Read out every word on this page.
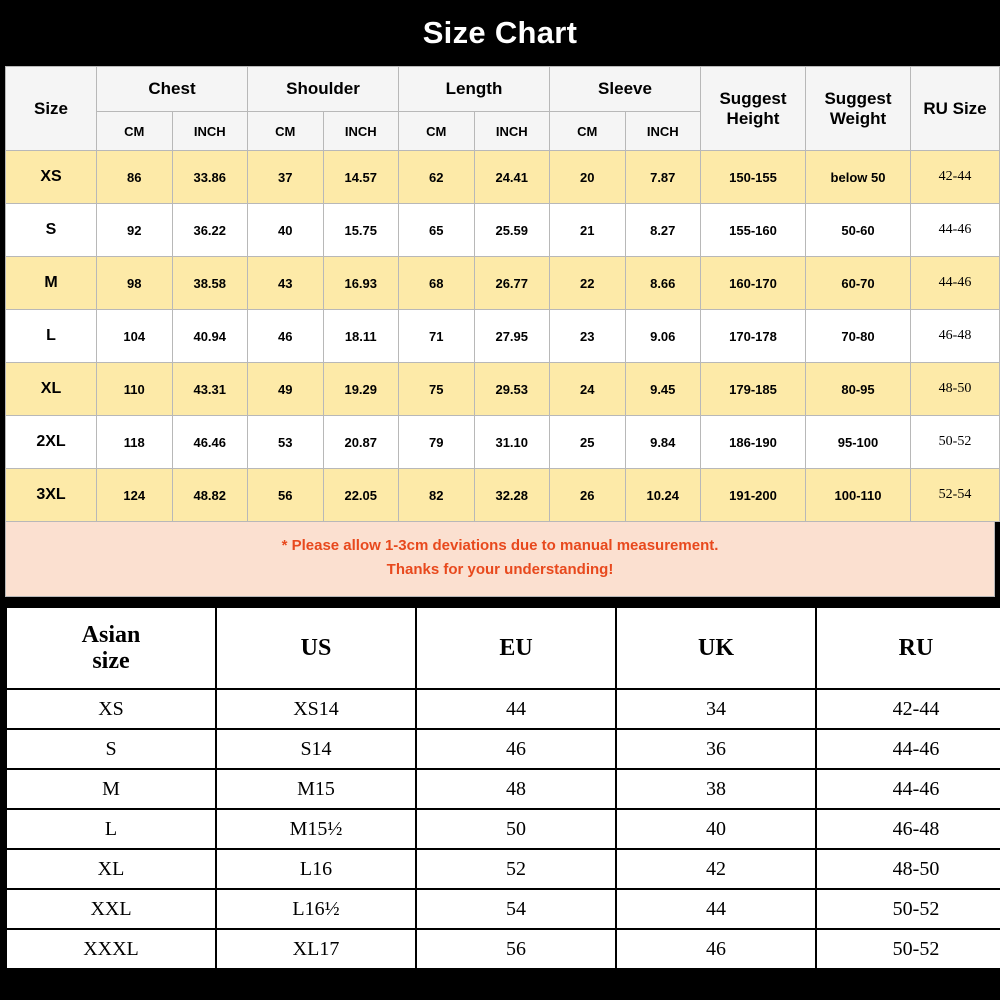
Size Chart
Size	Chest		Shoulder		Length		Sleeve		Suggest Height	Suggest Weight	RU Size
	CM	INCH	CM	INCH	CM	INCH	CM	INCH			
XS	86	33.86	37	14.57	62	24.41	20	7.87	150-155	below 50	42-44
S	92	36.22	40	15.75	65	25.59	21	8.27	155-160	50-60	44-46
M	98	38.58	43	16.93	68	26.77	22	8.66	160-170	60-70	44-46
L	104	40.94	46	18.11	71	27.95	23	9.06	170-178	70-80	46-48
XL	110	43.31	49	19.29	75	29.53	24	9.45	179-185	80-95	48-50
2XL	118	46.46	53	20.87	79	31.10	25	9.84	186-190	95-100	50-52
3XL	124	48.82	56	22.05	82	32.28	26	10.24	191-200	100-110	52-54
* Please allow 1-3cm deviations due to manual measurement.
Thanks for your understanding!
Asian
size	US	EU	UK	RU
XS	XS14	44	34	42-44
S	S14	46	36	44-46
M	M15	48	38	44-46
L	M15½	50	40	46-48
XL	L16	52	42	48-50
XXL	L16½	54	44	50-52
XXXL	XL17	56	46	50-52
